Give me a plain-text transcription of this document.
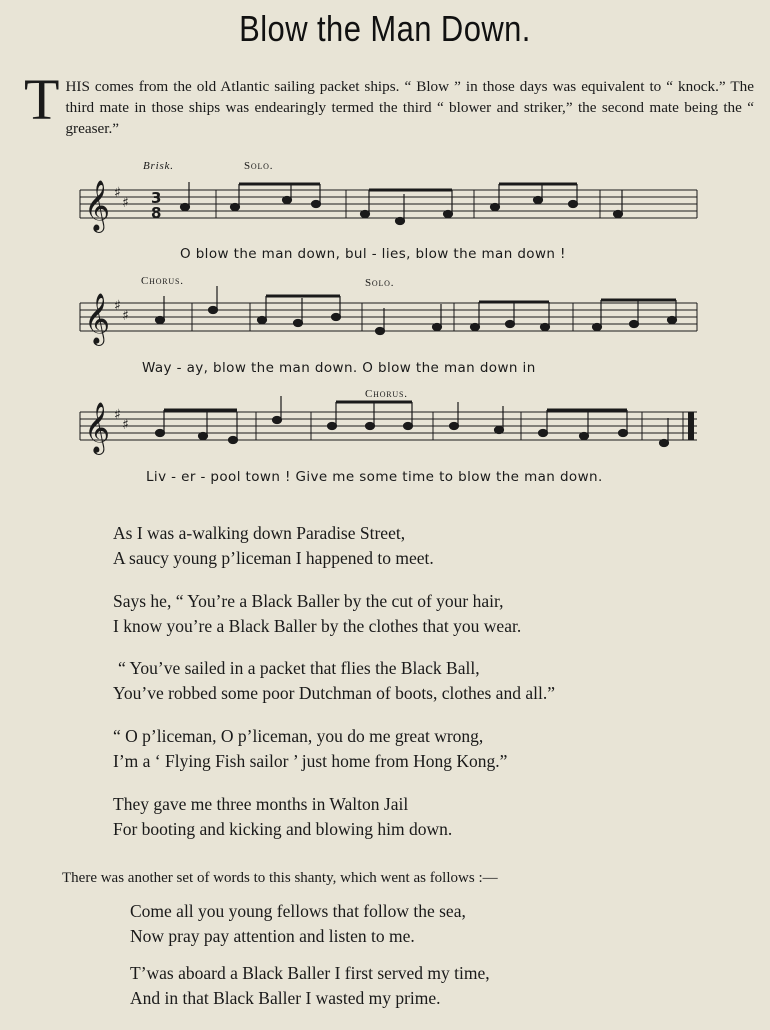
Blow the Man Down.
THIS comes from the old Atlantic sailing packet ships. “ Blow ” in those days was equivalent to “ knock.” The third mate in those ships was endearingly termed the third “ blower and striker,” the second mate being the “ greaser.”
Brisk.	Solo.
Chorus.	Solo.
Chorus.
𝄞
𝄞
𝄞
♯
♯
♯
♯
♯
♯
3
8
O blow the man down, bul - lies, blow the man down !
Way - ay, blow the man down. O blow the man down in
Liv - er - pool town ! Give me some time to blow the man down.
As I was a-walking down Paradise Street,
A saucy young p’liceman I happened to meet.
Says he, “ You’re a Black Baller by the cut of your hair,
I know you’re a Black Baller by the clothes that you wear.
“ You’ve sailed in a packet that flies the Black Ball,
You’ve robbed some poor Dutchman of boots, clothes and all.”
“ O p’liceman, O p’liceman, you do me great wrong,
I’m a ‘ Flying Fish sailor ’ just home from Hong Kong.”
They gave me three months in Walton Jail
For booting and kicking and blowing him down.
There was another set of words to this shanty, which went as follows :—
Come all you young fellows that follow the sea,
Now pray pay attention and listen to me.
T’was aboard a Black Baller I first served my time,
And in that Black Baller I wasted my prime.
